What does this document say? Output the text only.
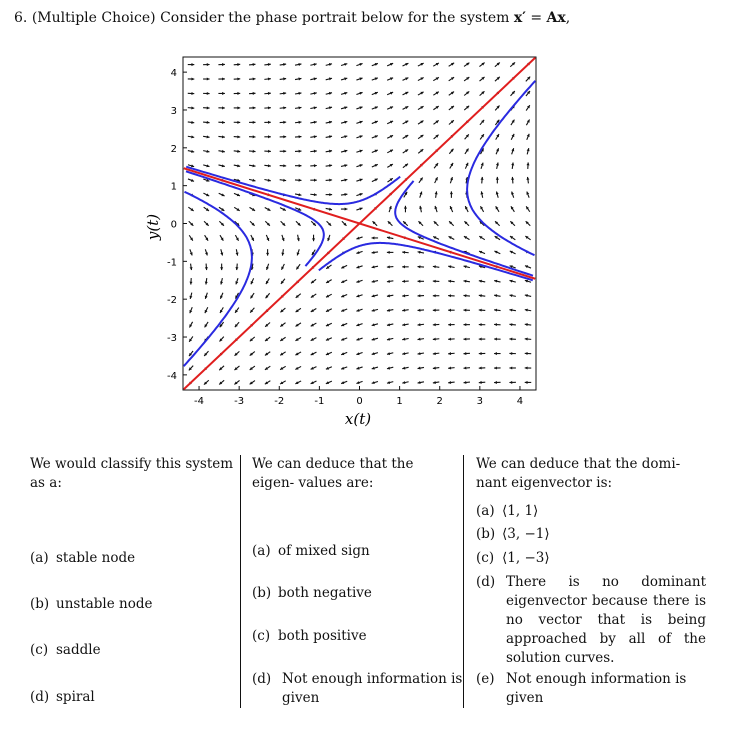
6. (Multiple Choice) Consider the phase portrait below for the system x′ = Ax,
-4
-4
-3
-3
-2
-2
-1
-1
0
0
1
1
2
2
3
3
4
4
x(t)
y(t)
We would classify this system as a:
(a) stable node
(b) unstable node
(c) saddle
(d) spiral
We can deduce that the eigen- values are:
(a) of mixed sign
(b) both negative
(c) both positive
(d) Not enough information is given
We can deduce that the domi- nant eigenvector is:
(a) ⟨1, 1⟩
(b) ⟨3, −1⟩
(c) ⟨1, −3⟩
(d) There is no dominant eigenvector because there is no vector that is being approached by all of the solution curves.
(e) Not enough information is given
